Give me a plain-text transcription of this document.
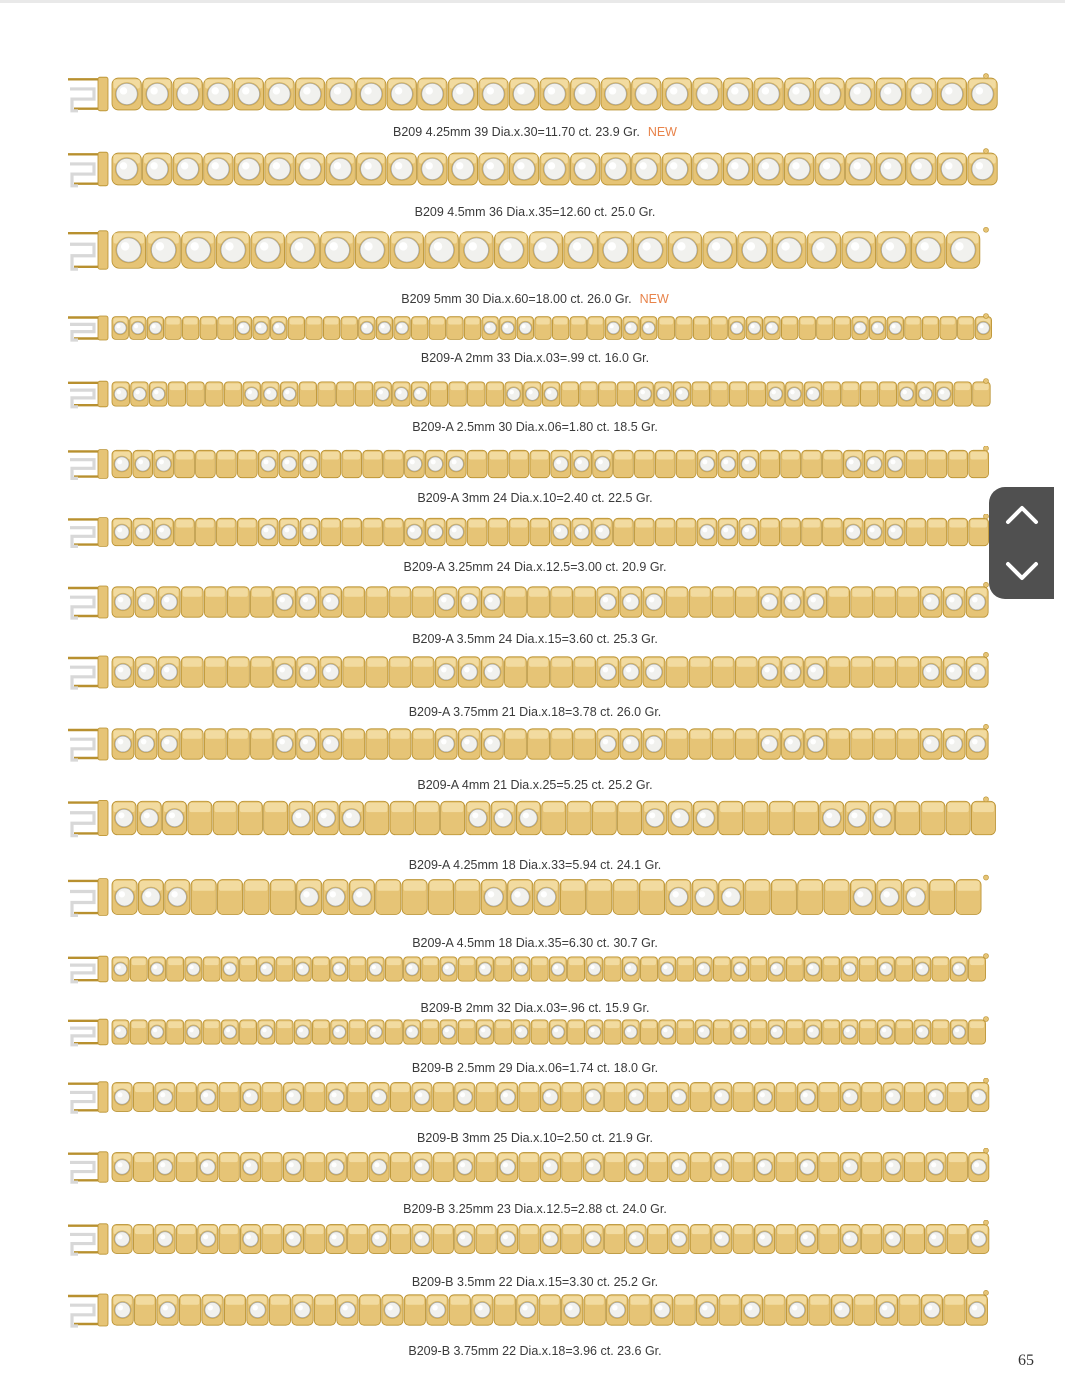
B209 4.25mm 39 Dia.x.30=11.70 ct. 23.9 Gr. NEW
B209 4.5mm 36 Dia.x.35=12.60 ct. 25.0 Gr.
B209 5mm 30 Dia.x.60=18.00 ct. 26.0 Gr. NEW
B209-A 2mm 33 Dia.x.03=.99 ct. 16.0 Gr.
B209-A 2.5mm 30 Dia.x.06=1.80 ct. 18.5 Gr.
B209-A 3mm 24 Dia.x.10=2.40 ct. 22.5 Gr.
B209-A 3.25mm 24 Dia.x.12.5=3.00 ct. 20.9 Gr.
B209-A 3.5mm 24 Dia.x.15=3.60 ct. 25.3 Gr.
B209-A 3.75mm 21 Dia.x.18=3.78 ct. 26.0 Gr.
B209-A 4mm 21 Dia.x.25=5.25 ct. 25.2 Gr.
B209-A 4.25mm 18 Dia.x.33=5.94 ct. 24.1 Gr.
B209-A 4.5mm 18 Dia.x.35=6.30 ct. 30.7 Gr.
B209-B 2mm 32 Dia.x.03=.96 ct. 15.9 Gr.
B209-B 2.5mm 29 Dia.x.06=1.74 ct. 18.0 Gr.
B209-B 3mm 25 Dia.x.10=2.50 ct. 21.9 Gr.
B209-B 3.25mm 23 Dia.x.12.5=2.88 ct. 24.0 Gr.
B209-B 3.5mm 22 Dia.x.15=3.30 ct. 25.2 Gr.
B209-B 3.75mm 22 Dia.x.18=3.96 ct. 23.6 Gr.
65
